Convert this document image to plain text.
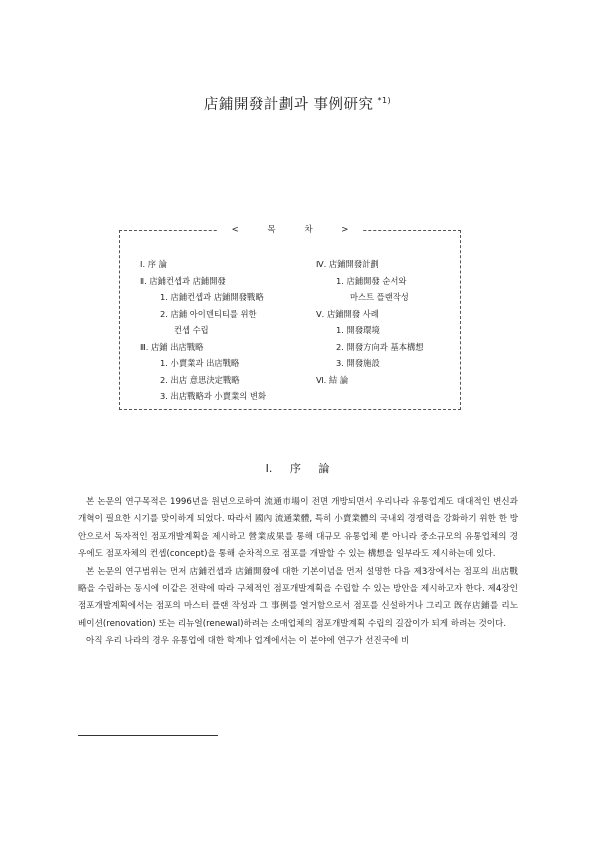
店鋪開發計劃과 事例研究 $^{*1)}$
< 목 차 >
Ⅰ. 序 論
Ⅱ. 店鋪컨셉과 店鋪開發
1. 店鋪컨셉과 店鋪開發戰略
2. 店鋪 아이덴티티를 위한
컨셉 수립
Ⅲ. 店鋪 出店戰略
1. 小賣業과 出店戰略
2. 出店 意思決定戰略
3. 出店戰略과 小賣業의 변화
Ⅳ. 店鋪開發計劃
1. 店鋪開發 순서와
마스트 플랜작성
Ⅴ. 店鋪開發 사례
1. 開發環境
2. 開發方向과 基本構想
3. 開發施設
Ⅵ. 結 論
Ⅰ. 序 論

본 논문의 연구목적은 1996년을 원년으로하여 流通市場이 전면 개방되면서 우리나라 유통업계도 대대적인 변신과 개혁이 필요한 시기를 맞이하게 되었다. 따라서 國內 流通業體, 특히 小賣業體의 국내외 경쟁력을 강화하기 위한 한 방안으로서 독자적인 점포개발계획을 제시하고 營業成果를 통해 대규모 유통업체 뿐 아니라 중소규모의 유통업체의 경우에도 점포자체의 컨셉(concept)을 통해 순차적으로 점포를 개발할 수 있는 構想을 일부라도 제시하는데 있다.

본 논문의 연구범위는 먼저 店鋪컨셉과 店鋪開發에 대한 기본이념을 먼저 설명한 다음 제3장에서는 점포의 出店戰略을 수립하는 동시에 이같은 전략에 따라 구체적인 점포개발계획을 수립할 수 있는 방안을 제시하고자 한다. 제4장인 점포개발계획에서는 점포의 마스터 플랜 작성과 그 事例를 열거함으로서 점포를 신설하거나 그리고 旣存店鋪를 리노베이션(renovation) 또는 리뉴얼(renewal)하려는 소매업체의 점포개발계획 수립의 길잡이가 되게 하려는 것이다.

아직 우리 나라의 경우 유통업에 대한 학계나 업계에서는 이 분야에 연구가 선진국에 비
